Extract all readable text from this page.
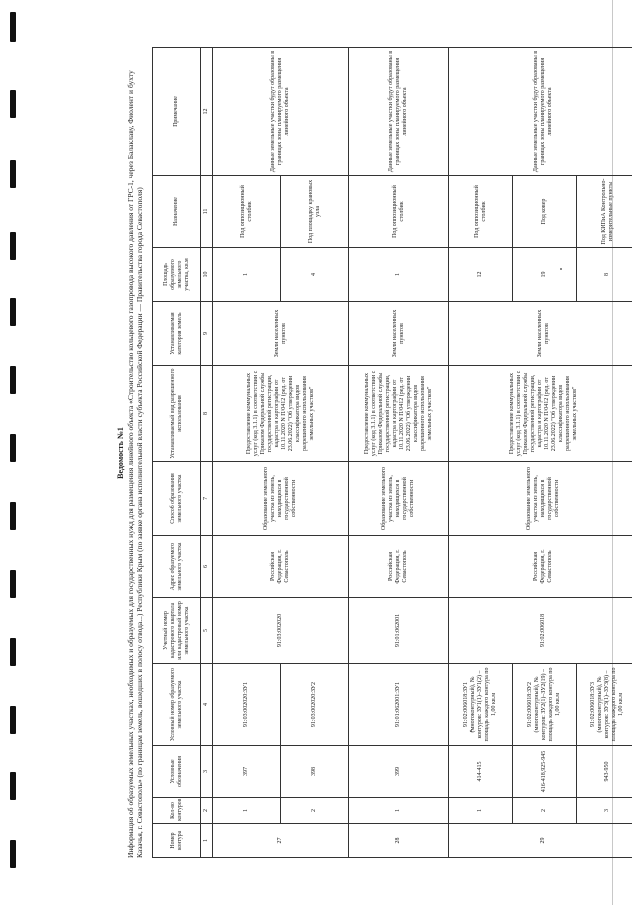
Ведомость №1 Информация об образуемых земельных участках, необходимых и образуемых для государственных нужд для размещения линейного объекта «Строительство кольцевого газопровода высокого давления от ГРС-1, через Балаклаву, Фиолент и бухту Казачья, г. Севастополь» (по границам земель, вошедших в полосу отвода...) Республики Крым (по заявке органа исполнительной власти субъекта Российской Федерации — Правительства города Севастополя)	Номер контура	Кол-во контуров	Условные обозначения	Условный номер образуемого земельного участка	Учетный номер кадастрового квартала или кадастровый номер земельного участка	Адрес образуемого земельного участка	Способ образования земельного участка	Устанавливаемый вид разрешенного использования	Устанавливаемая категория земель	Площадь образуемого земельного участка, кв.м	Назначение	Примечание
1	2	3	4	5	6	7	8	9	10	11	12
27	1	397	91:03:002020:ЗУ1	91:03:002020	Российская Федерация, г. Севастополь	Образование земельного участка из земель, находящихся в государственной собственности	Предоставление коммунальных услуг (код 3.1.1) в соответствии с Приказом Федеральной службы государственной регистрации, кадастра и картографии от 10.11.2020 N П/0412 (ред. от 23.06.2022) "Об утверждении классификатора видов разрешенного использования земельных участков"	Земли населенных пунктов	1	Под оппозиционный столбик	Данные земельные участки будут образованы в границах зоны планируемого размещения линейного объекта
	2	398	91:03:002020:ЗУ2						4	Под площадку крановых узла	
28	1	399	91:01:062001:ЗУ1	91:01:062001	Российская Федерация, г. Севастополь	Образование земельного участка из земель, находящихся в государственной собственности	Предоставление коммунальных услуг (код 3.1.1) в соответствии с Приказом Федеральной службы государственной регистрации, кадастра и картографии от 10.11.2020 N П/0412 (ред. от 23.06.2022) "Об утверждении классификатора видов разрешенного использования земельных участков"	Земли населенных пунктов	1	Под оппозиционный столбик	Данные земельные участки будут образованы в границах зоны планируемого размещения линейного объекта
29	1	414-415	91:02:006018:ЗУ1 (многоконтурный), № контуров: ЗУ1(1)–ЗУ1(2) – площадь каждого контура по 1,00 кв.м	91:02:006018	Российская Федерация, г. Севастополь	Образование земельного участка из земель, находящихся в государственной собственности	Предоставление коммунальных услуг (код 3.1.1) в соответствии с Приказом Федеральной службы государственной регистрации, кадастра и картографии от 10.11.2020 N П/0412 (ред. от 23.06.2022) "Об утверждении классификатора видов разрешенного использования земельных участков"	Земли населенных пунктов	12	Под оппозиционный столбик	Данные земельные участки будут образованы в границах зоны планируемого размещения линейного объекта
	2	416-418,925-945	91:02:006018:ЗУ2 (многоконтурный), № контуров: ЗУ2(1)–ЗУ2(19) – площадь каждого контура по 1,00 кв.м						19	Под ковер	
	3	943-950	91:02:006018:ЗУ3 (многоконтурный), № контуров: ЗУ3(1)–ЗУ3(8) – площадь каждого контура по 1,00 кв.м						8	Под КИПиА Контрольно-измерительные пункты	
